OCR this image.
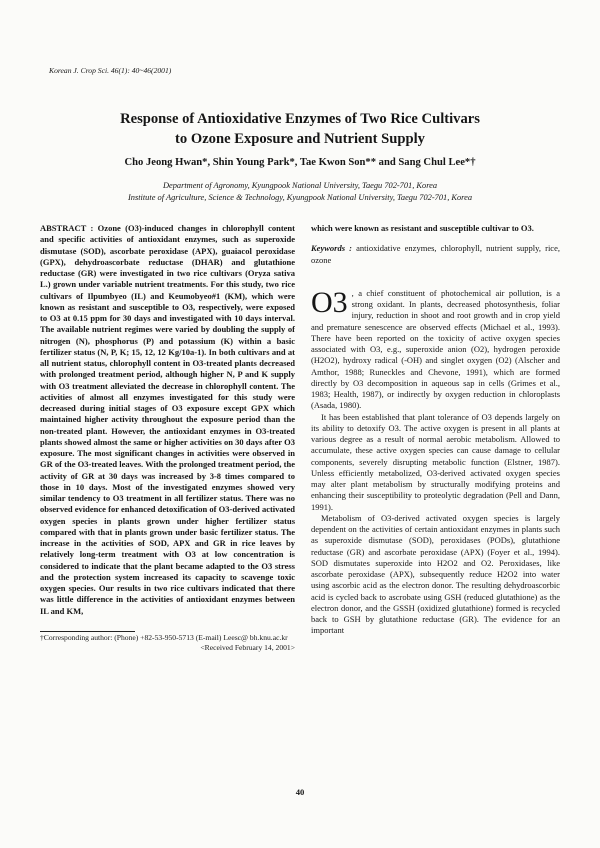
Korean J. Crop Sci. 46(1): 40~46(2001)
Response of Antioxidative Enzymes of Two Rice Cultivars
to Ozone Exposure and Nutrient Supply
Cho Jeong Hwan*, Shin Young Park*, Tae Kwon Son** and Sang Chul Lee*†
Department of Agronomy, Kyungpook National University, Taegu 702-701, Korea
Institute of Agriculture, Science & Technology, Kyungpook National University, Taegu 702-701, Korea

ABSTRACT : Ozone (O3)-induced changes in chlorophyll content and specific activities of antioxidant enzymes, such as superoxide dismutase (SOD), ascorbate peroxidase (APX), guaiacol peroxidase (GPX), dehydroascorbate reductase (DHAR) and glutathione reductase (GR) were investigated in two rice cultivars (Oryza sativa L.) grown under variable nutrient treatments. For this study, two rice cultivars of Ilpumbyeo (IL) and Keumobyeo#1 (KM), which were known as resistant and susceptible to O3, respectively, were exposed to O3 at 0.15 ppm for 30 days and investigated with 10 days interval. The available nutrient regimes were varied by doubling the supply of nitrogen (N), phosphorus (P) and potassium (K) within a basic fertilizer status (N, P, K; 15, 12, 12 Kg/10a-1). In both cultivars and at all nutrient status, chlorophyll content in O3-treated plants decreased with prolonged treatment period, although higher N, P and K supply with O3 treatment alleviated the decrease in chlorophyll content. The activities of almost all enzymes investigated for this study were decreased during initial stages of O3 exposure except GPX which maintained higher activity throughout the exposure period than the non-treated plant. However, the antioxidant enzymes in O3-treated plants showed almost the same or higher activities on 30 days after O3 exposure. The most significant changes in activities were observed in GR of the O3-treated leaves. With the prolonged treatment period, the activity of GR at 30 days was increased by 3-8 times compared to those in 10 days. Most of the investigated enzymes showed very similar tendency to O3 treatment in all fertilizer status. There was no observed evidence for enhanced detoxification of O3-derived activated oxygen species in plants grown under higher fertilizer status compared with that in plants grown under basic fertilizer status. The increase in the activities of SOD, APX and GR in rice leaves by relatively long-term treatment with O3 at low concentration is considered to indicate that the plant became adapted to the O3 stress and the protection system increased its capacity to scavenge toxic oxygen species. Our results in two rice cultivars indicated that there was little difference in the activities of antioxidant enzymes between IL and KM,

which were known as resistant and susceptible cultivar to O3.

Keywords : antioxidative enzymes, chlorophyll, nutrient supply, rice, ozone

O3 , a chief constituent of photochemical air pollution, is a strong oxidant. In plants, decreased photosynthesis, foliar injury, reduction in shoot and root growth and in crop yield and premature senescence are observed effects (Michael et al., 1993). There have been reported on the toxicity of active oxygen species associated with O3, e.g., superoxide anion (O2), hydrogen peroxide (H2O2), hydroxy radical (-OH) and singlet oxygen (O2) (Alscher and Amthor, 1988; Runeckles and Chevone, 1991), which are formed directly by O3 decomposition in aqueous sap in cells (Grimes et al., 1983; Health, 1987), or indirectly by oxygen reduction in chloroplasts (Asada, 1980).

It has been established that plant tolerance of O3 depends largely on its ability to detoxify O3. The active oxygen is present in all plants at various degree as a result of normal aerobic metabolism. Allowed to accumulate, these active oxygen species can cause damage to cellular components, severely disrupting metabolic function (Elstner, 1987). Unless efficiently metabolized, O3-derived activated oxygen species may alter plant metabolism by structurally modifying proteins and enhancing their susceptibility to proteolytic degradation (Pell and Dann, 1991).

Metabolism of O3-derived activated oxygen species is largely dependent on the activities of certain antioxidant enzymes in plants such as superoxide dismutase (SOD), peroxidases (PODs), glutathione reductase (GR) and ascorbate peroxidase (APX) (Foyer et al., 1994). SOD dismutates superoxide into H2O2 and O2. Peroxidases, like ascorbate peroxidase (APX), subsequently reduce H2O2 into water using ascorbic acid as the electron donor. The resulting dehydroascorbic acid is cycled back to ascrobate using GSH (reduced glutathione) as the electron donor, and the GSSH (oxidized glutathione) formed is recycled back to GSH by glutathione reductase (GR). The evidence for an important

†Corresponding author: (Phone) +82-53-950-5713 (E-mail) Leesc@ bh.knu.ac.kr
<Received February 14, 2001>
40
